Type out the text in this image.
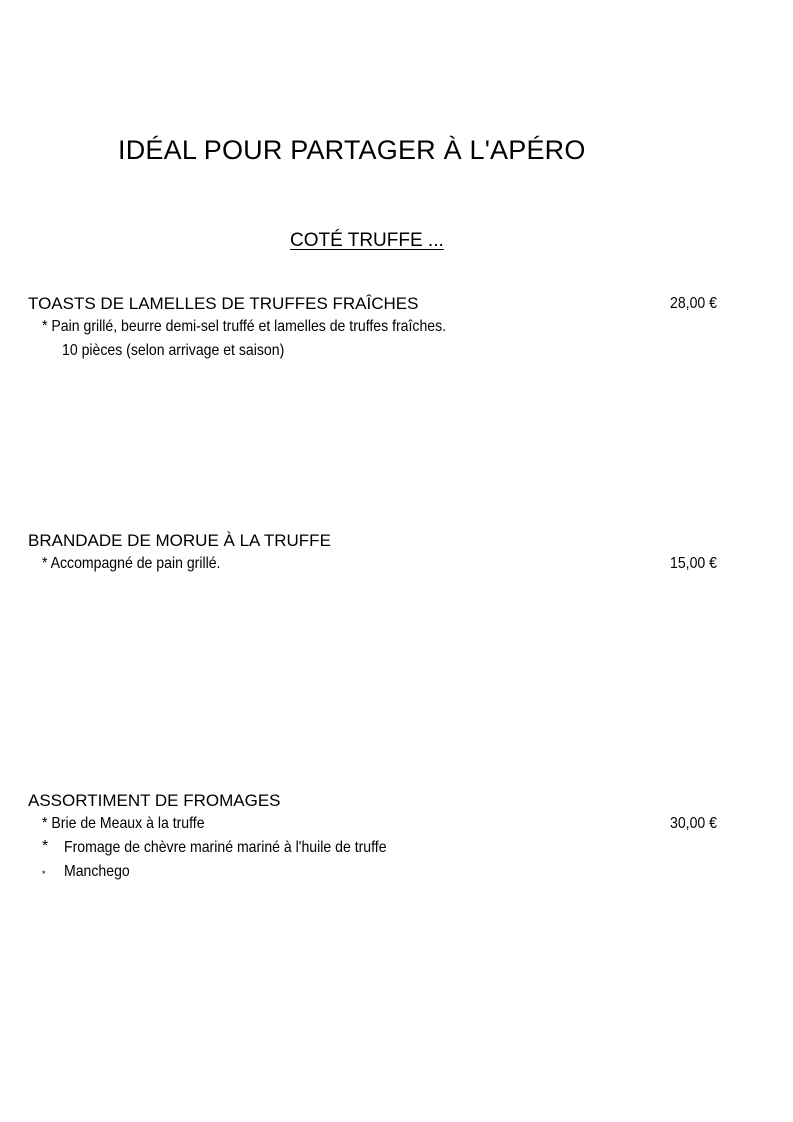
IDÉAL POUR PARTAGER À L'APÉRO
COTÉ TRUFFE ...
TOASTS DE LAMELLES DE TRUFFES FRAÎCHES	28,00 €
* Pain grillé, beurre demi-sel truffé et lamelles de truffes fraîches.
10 pièces (selon arrivage et saison)
BRANDADE DE MORUE À LA TRUFFE
* Accompagné de pain grillé.	15,00 €
ASSORTIMENT DE FROMAGES
* Brie de Meaux à la truffe	30,00 €
* Fromage de chèvre mariné mariné à l'huile de truffe
* Manchego
